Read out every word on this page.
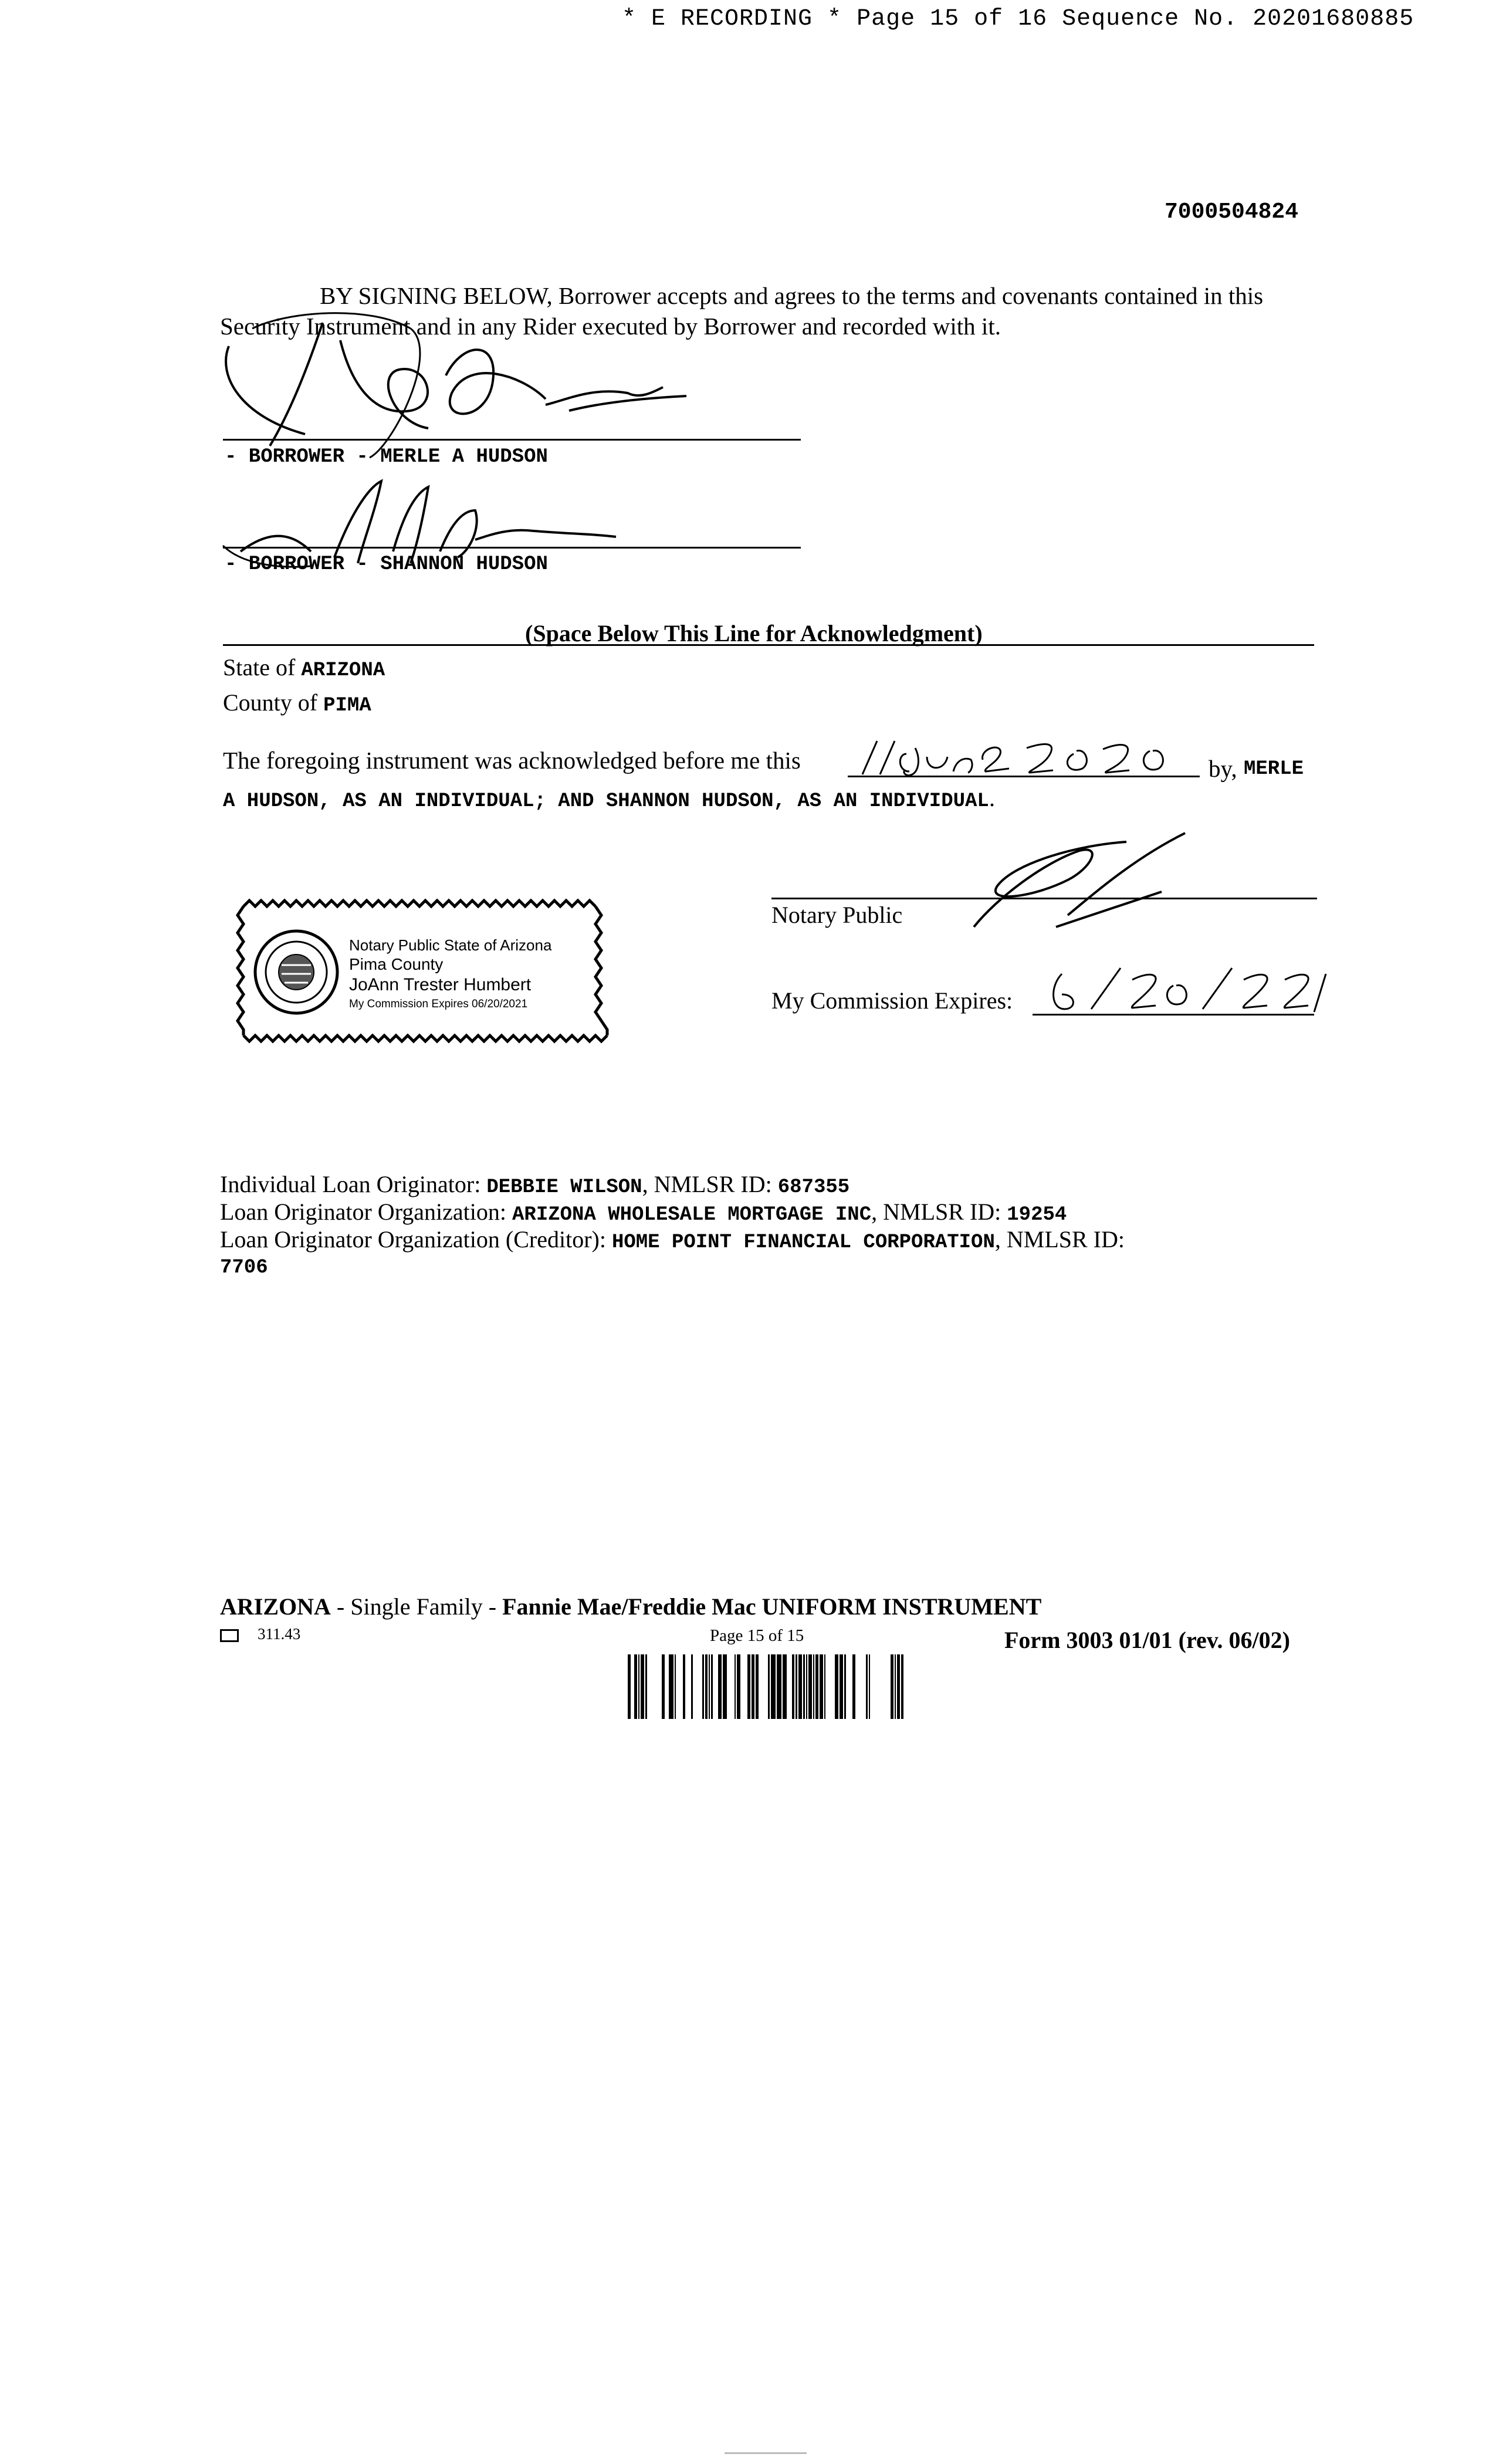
* E RECORDING * Page 15 of 16 Sequence No. 20201680885
7000504824
BY SIGNING BELOW, Borrower accepts and agrees to the terms and covenants contained in this Security Instrument and in any Rider executed by Borrower and recorded with it.
- BORROWER - MERLE A HUDSON
- BORROWER - SHANNON HUDSON
(Space Below This Line for Acknowledgment)
State of ARIZONA
County of PIMA
The foregoing instrument was acknowledged before me this	by, MERLE
A HUDSON, AS AN INDIVIDUAL; AND SHANNON HUDSON, AS AN INDIVIDUAL.
Notary Public
My Commission Expires:
Notary Public State of Arizona
Pima County
JoAnn Trester Humbert
My Commission Expires 06/20/2021
Individual Loan Originator: DEBBIE WILSON, NMLSR ID: 687355
Loan Originator Organization: ARIZONA WHOLESALE MORTGAGE INC, NMLSR ID: 19254
Loan Originator Organization (Creditor): HOME POINT FINANCIAL CORPORATION, NMLSR ID:
7706
ARIZONA - Single Family - Fannie Mae/Freddie Mac UNIFORM INSTRUMENT
311.43	Page 15 of 15	Form 3003 01/01 (rev. 06/02)
